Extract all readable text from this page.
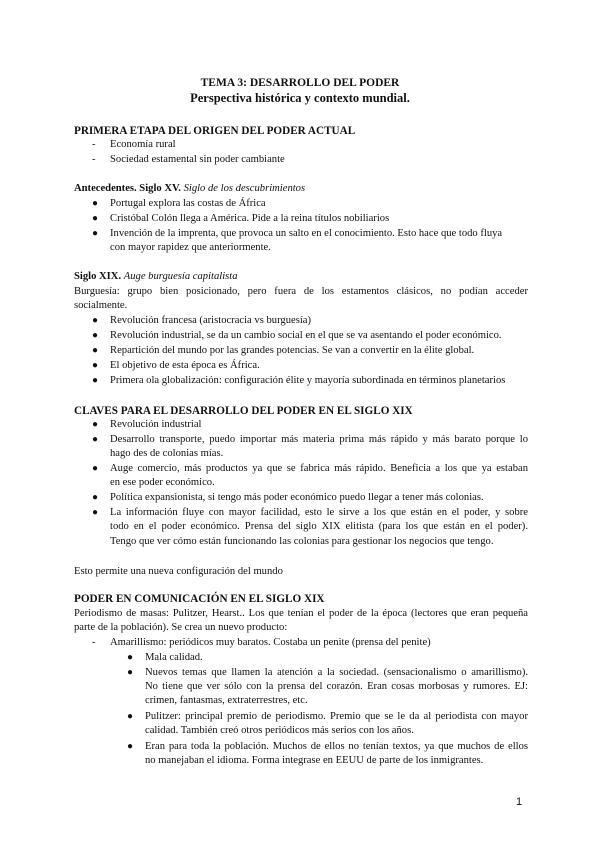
TEMA 3: DESARROLLO DEL PODER
Perspectiva histórica y contexto mundial.
PRIMERA ETAPA DEL ORIGEN DEL PODER ACTUAL
- Economía rural
- Sociedad estamental sin poder cambiante
Antecedentes. Siglo XV. Siglo de los descubrimientos
● Portugal explora las costas de África
● Cristóbal Colón llega a América. Pide a la reina títulos nobiliarios
● Invención de la imprenta, que provoca un salto en el conocimiento. Esto hace que todo fluya
con mayor rapidez que anteriormente.
Siglo XIX. Auge burguesía capitalista
Burguesía: grupo bien posicionado, pero fuera de los estamentos clásicos, no podían acceder
socialmente.
● Revolución francesa (aristocracia vs burguesía)
● Revolución industrial, se da un cambio social en el que se va asentando el poder económico.
● Repartición del mundo por las grandes potencias. Se van a convertir en la élite global.
● El objetivo de esta época es África.
● Primera ola globalización: configuración élite y mayoría subordinada en términos planetarios
CLAVES PARA EL DESARROLLO DEL PODER EN EL SIGLO XIX
● Revolución industrial
● Desarrollo transporte, puedo importar más materia prima más rápido y más barato porque lo
hago des de colonias mías.
● Auge comercio, más productos ya que se fabrica más rápido. Beneficia a los que ya estaban
en ese poder económico.
● Política expansionista, si tengo más poder económico puedo llegar a tener más colonias.
● La información fluye con mayor facilidad, esto le sirve a los que están en el poder, y sobre
todo en el poder económico. Prensa del siglo XIX elitista (para los que están en el poder).
Tengo que ver cómo están funcionando las colonias para gestionar los negocios que tengo.
Esto permite una nueva configuración del mundo
PODER EN COMUNICACIÓN EN EL SIGLO XIX
Periodismo de masas: Pulitzer, Hearst.. Los que tenían el poder de la época (lectores que eran pequeña
parte de la población). Se crea un nuevo producto:
- Amarillismo: periódicos muy baratos. Costaba un penite (prensa del penite)
● Mala calidad.
● Nuevos temas que llamen la atención a la sociedad. (sensacionalismo o amarillismo).
No tiene que ver sólo con la prensa del corazón. Eran cosas morbosas y rumores. EJ:
crimen, fantasmas, extraterrestres, etc.
● Pulitzer: principal premio de periodismo. Premio que se le da al periodista con mayor
calidad. También creó otros periódicos más serios con los años.
● Eran para toda la población. Muchos de ellos no tenían textos, ya que muchos de ellos
no manejaban el idioma. Forma integrase en EEUU de parte de los inmigrantes.
1
